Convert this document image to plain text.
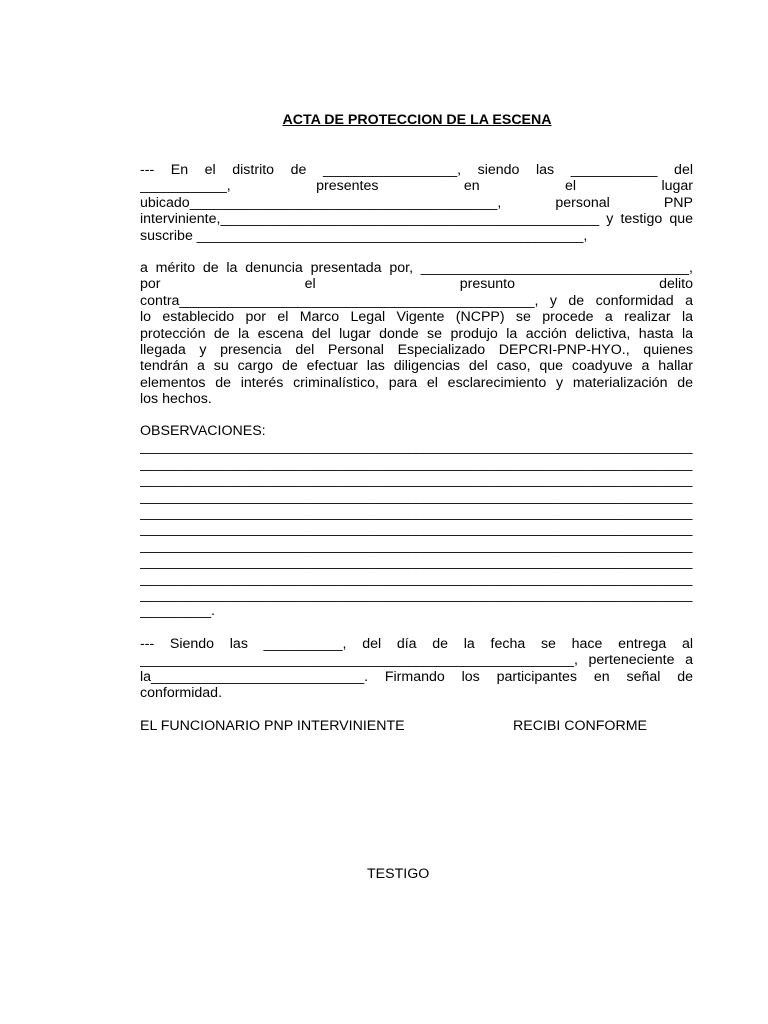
ACTA DE PROTECCION DE LA ESCENA
--- En el distrito de _________________, siendo las ___________ del
___________, presentes en el lugar
ubicado_______________________________________, personal PNP
interviniente,________________________________________________ y testigo que
suscribe _________________________________________________,
a mérito de la denuncia presentada por, __________________________________,
por el presunto delito
contra_____________________________________________, y de conformidad a
lo establecido por el Marco Legal Vigente (NCPP) se procede a realizar la
protección de la escena del lugar donde se produjo la acción delictiva, hasta la
llegada y presencia del Personal Especializado DEPCRI-PNP-HYO., quienes
tendrán a su cargo de efectuar las diligencias del caso, que coadyuve a hallar
elementos de interés criminalístico, para el esclarecimiento y materialización de
los hechos.
OBSERVACIONES:
______________________________________________________________________
______________________________________________________________________
______________________________________________________________________
______________________________________________________________________
______________________________________________________________________
______________________________________________________________________
______________________________________________________________________
______________________________________________________________________
______________________________________________________________________
______________________________________________________________________
_________.
--- Siendo las __________, del día de la fecha se hace entrega al
_______________________________________________________, perteneciente a
la___________________________. Firmando los participantes en señal de
conformidad.
EL FUNCIONARIO PNP INTERVINIENTE	RECIBI CONFORME
TESTIGO
